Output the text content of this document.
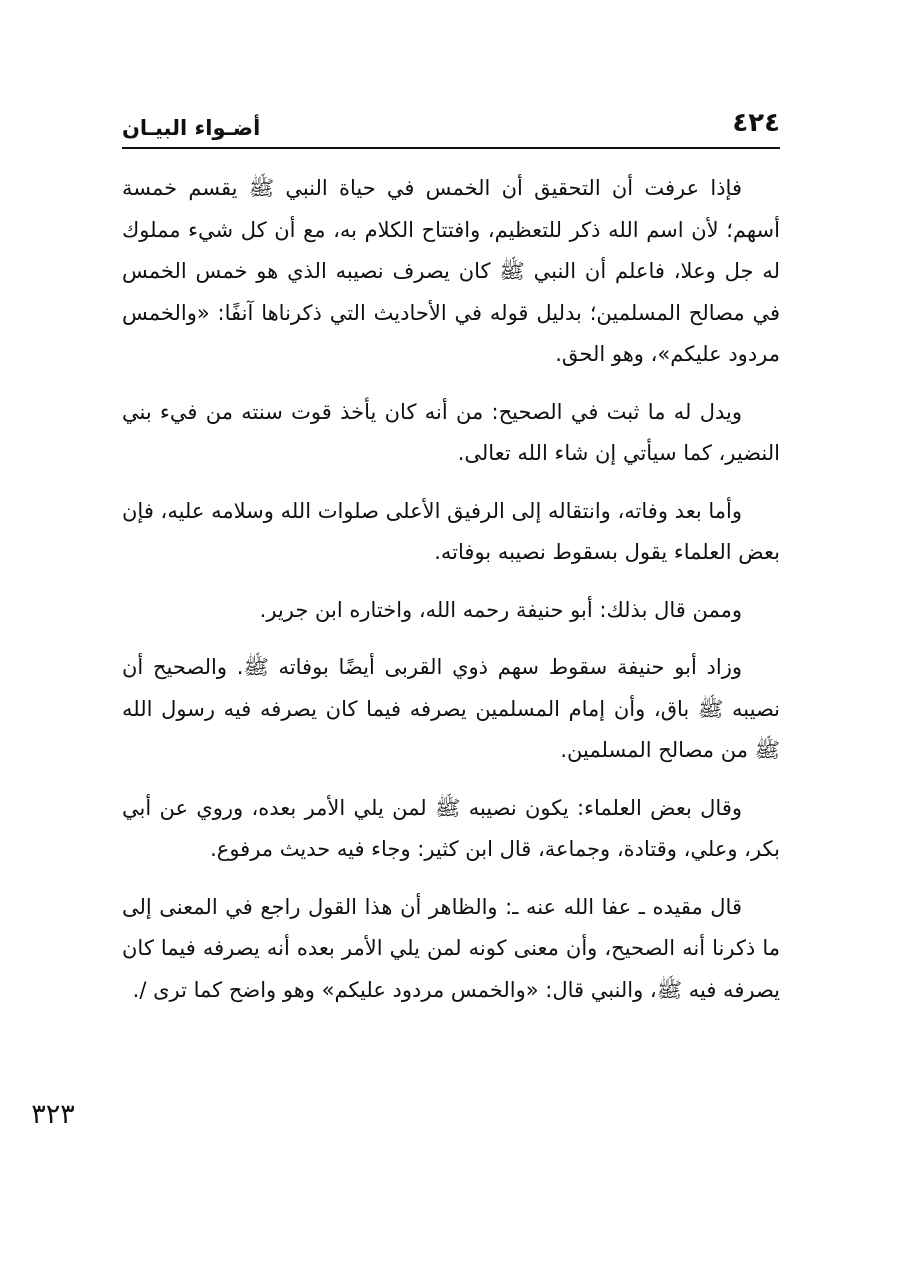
٤٢٤
أضـواء البيـان

فإذا عرفت أن التحقيق أن الخمس في حياة النبي ﷺ يقسم خمسة أسهم؛ لأن اسم الله ذكر للتعظيم، وافتتاح الكلام به، مع أن كل شيء مملوك له جل وعلا، فاعلم أن النبي ﷺ كان يصرف نصيبه الذي هو خمس الخمس في مصالح المسلمين؛ بدليل قوله في الأحاديث التي ذكرناها آنفًا: «والخمس مردود عليكم»، وهو الحق.

ويدل له ما ثبت في الصحيح: من أنه كان يأخذ قوت سنته من فيء بني النضير، كما سيأتي إن شاء الله تعالى.

وأما بعد وفاته، وانتقاله إلى الرفيق الأعلى صلوات الله وسلامه عليه، فإن بعض العلماء يقول بسقوط نصيبه بوفاته.

وممن قال بذلك: أبو حنيفة رحمه الله، واختاره ابن جرير.

وزاد أبو حنيفة سقوط سهم ذوي القربى أيضًا بوفاته ﷺ. والصحيح أن نصيبه ﷺ باق، وأن إمام المسلمين يصرفه فيما كان يصرفه فيه رسول الله ﷺ من مصالح المسلمين.

وقال بعض العلماء: يكون نصيبه ﷺ لمن يلي الأمر بعده، وروي عن أبي بكر، وعلي، وقتادة، وجماعة، قال ابن كثير: وجاء فيه حديث مرفوع.

قال مقيده ـ عفا الله عنه ـ: والظاهر أن هذا القول راجع في المعنى إلى ما ذكرنا أنه الصحيح، وأن معنى كونه لمن يلي الأمر بعده أنه يصرفه فيما كان يصرفه فيه ﷺ، والنبي قال: «والخمس مردود عليكم» وهو واضح كما ترى /.

٣٢٣
